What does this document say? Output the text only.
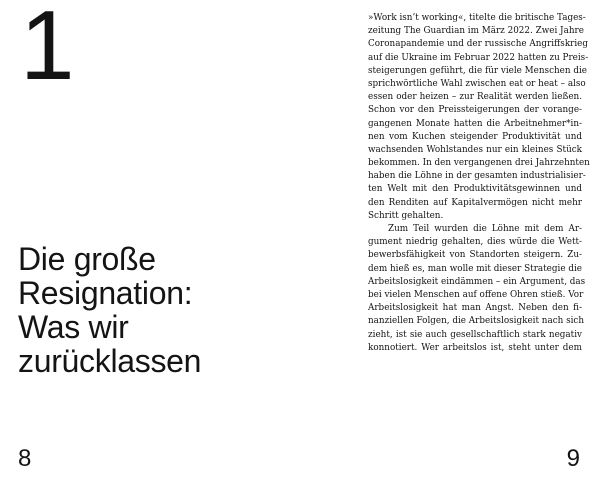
1
Die große
Resignation:
Was wir
zurücklassen
8
»Work isn’t working«, titelte die britische Tages-
zeitung The Guardian im März 2022. Zwei Jahre
Coronapandemie und der russische Angriffskrieg
auf die Ukraine im Februar 2022 hatten zu Preis-
steigerungen geführt, die für viele Menschen die
sprichwörtliche Wahl zwischen eat or heat – also
essen oder heizen – zur Realität werden ließen.
Schon vor den Preissteigerungen der vorange-
gangenen Monate hatten die Arbeitnehmer*in-
nen vom Kuchen steigender Produktivität und
wachsenden Wohlstandes nur ein kleines Stück
bekommen. In den vergangenen drei Jahrzehnten
haben die Löhne in der gesamten industrialisier-
ten Welt mit den Produktivitätsgewinnen und
den Renditen auf Kapitalvermögen nicht mehr
Schritt gehalten.
Zum Teil wurden die Löhne mit dem Ar-
gument niedrig gehalten, dies würde die Wett-
bewerbsfähigkeit von Standorten steigern. Zu-
dem hieß es, man wolle mit dieser Strategie die
Arbeitslosigkeit eindämmen – ein Argument, das
bei vielen Menschen auf offene Ohren stieß. Vor
Arbeitslosigkeit hat man Angst. Neben den fi-
nanziellen Folgen, die Arbeitslosigkeit nach sich
zieht, ist sie auch gesellschaftlich stark negativ
konnotiert. Wer arbeitslos ist, steht unter dem
9
